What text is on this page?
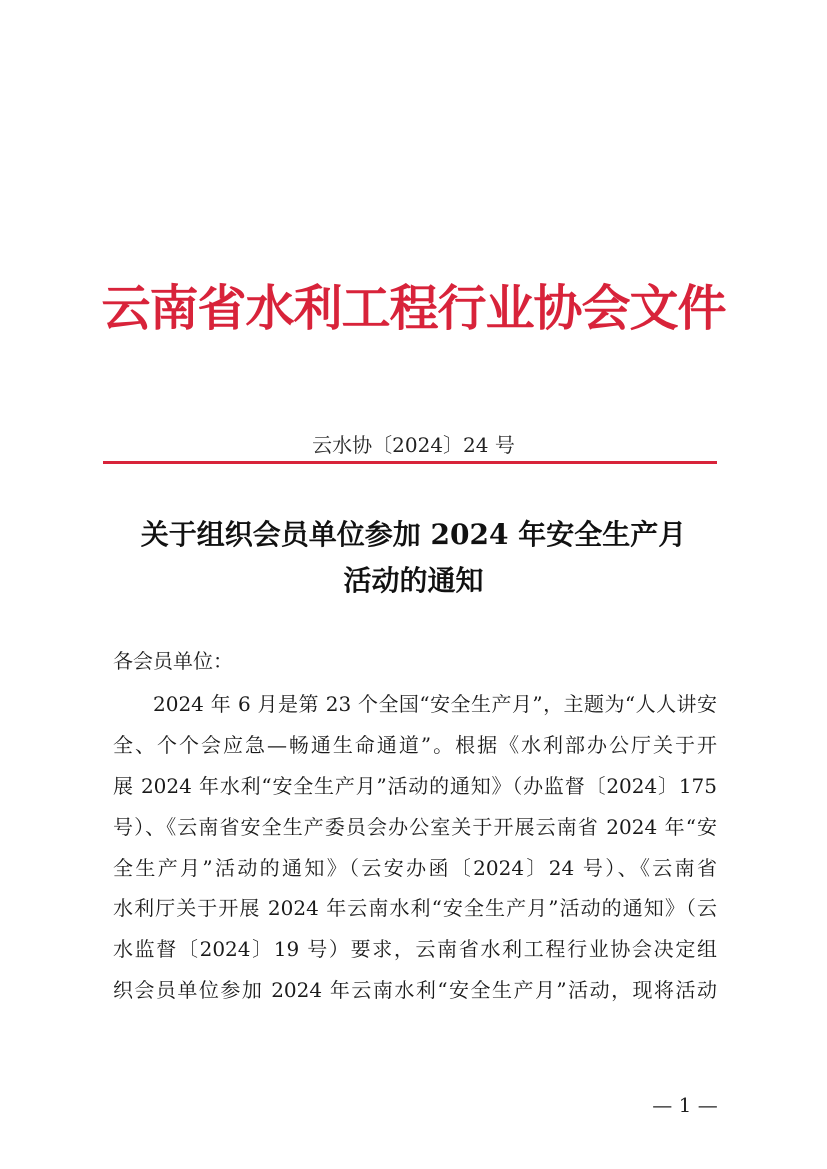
云南省水利工程行业协会文件
云水协〔2024〕24 号
关于组织会员单位参加 2024 年安全生产月
活动的通知
各会员单位：
2024 年 6 月是第 23 个全国“安全生产月”，主题为“人人讲安
全、个个会应急—畅通生命通道”。根据《水利部办公厅关于开
展 2024 年水利“安全生产月”活动的通知》（办监督〔2024〕175
号）、《云南省安全生产委员会办公室关于开展云南省 2024 年“安
全生产月”活动的通知》（云安办函〔2024〕24 号）、《云南省
水利厅关于开展 2024 年云南水利“安全生产月”活动的通知》（云
水监督〔2024〕19 号）要求，云南省水利工程行业协会决定组
织会员单位参加 2024 年云南水利“安全生产月”活动，现将活动
— 1 —
